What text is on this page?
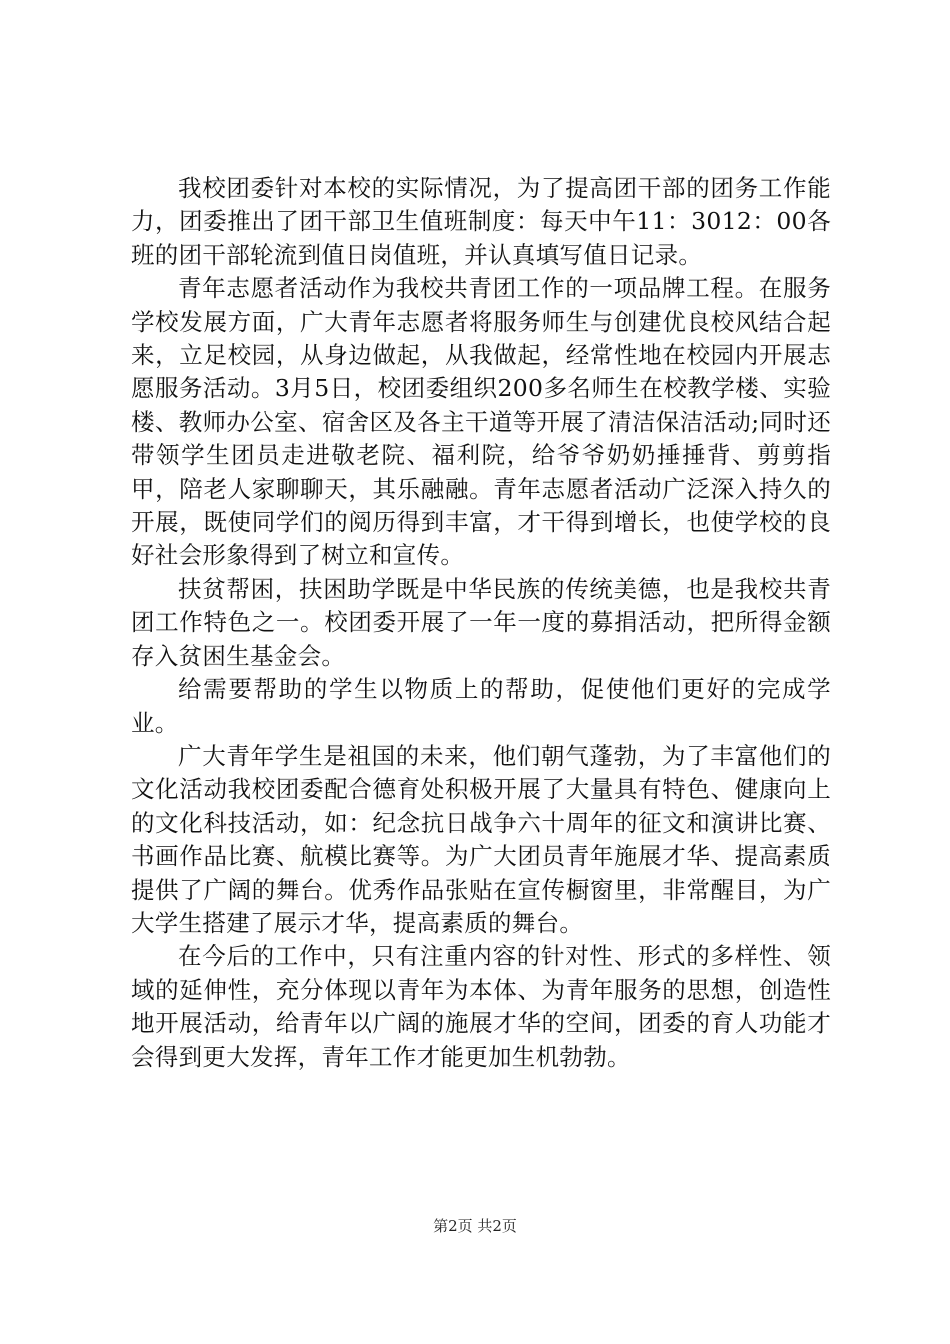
我校团委针对本校的实际情况，为了提高团干部的团务工作能力，团委推出了团干部卫生值班制度：每天中午11：3012：00各班的团干部轮流到值日岗值班，并认真填写值日记录。

青年志愿者活动作为我校共青团工作的一项品牌工程。在服务学校发展方面，广大青年志愿者将服务师生与创建优良校风结合起来，立足校园，从身边做起，从我做起，经常性地在校园内开展志愿服务活动。3月5日，校团委组织200多名师生在校教学楼、实验楼、教师办公室、宿舍区及各主干道等开展了清洁保洁活动;同时还带领学生团员走进敬老院、福利院，给爷爷奶奶捶捶背、剪剪指甲，陪老人家聊聊天，其乐融融。青年志愿者活动广泛深入持久的开展，既使同学们的阅历得到丰富，才干得到增长，也使学校的良好社会形象得到了树立和宣传。

扶贫帮困，扶困助学既是中华民族的传统美德，也是我校共青团工作特色之一。校团委开展了一年一度的募捐活动，把所得金额存入贫困生基金会。

给需要帮助的学生以物质上的帮助，促使他们更好的完成学业。

广大青年学生是祖国的未来，他们朝气蓬勃，为了丰富他们的文化活动我校团委配合德育处积极开展了大量具有特色、健康向上的文化科技活动，如：纪念抗日战争六十周年的征文和演讲比赛、书画作品比赛、航模比赛等。为广大团员青年施展才华、提高素质提供了广阔的舞台。优秀作品张贴在宣传橱窗里，非常醒目，为广大学生搭建了展示才华，提高素质的舞台。

在今后的工作中，只有注重内容的针对性、形式的多样性、领域的延伸性，充分体现以青年为本体、为青年服务的思想，创造性地开展活动，给青年以广阔的施展才华的空间，团委的育人功能才会得到更大发挥，青年工作才能更加生机勃勃。

第2页 共2页
